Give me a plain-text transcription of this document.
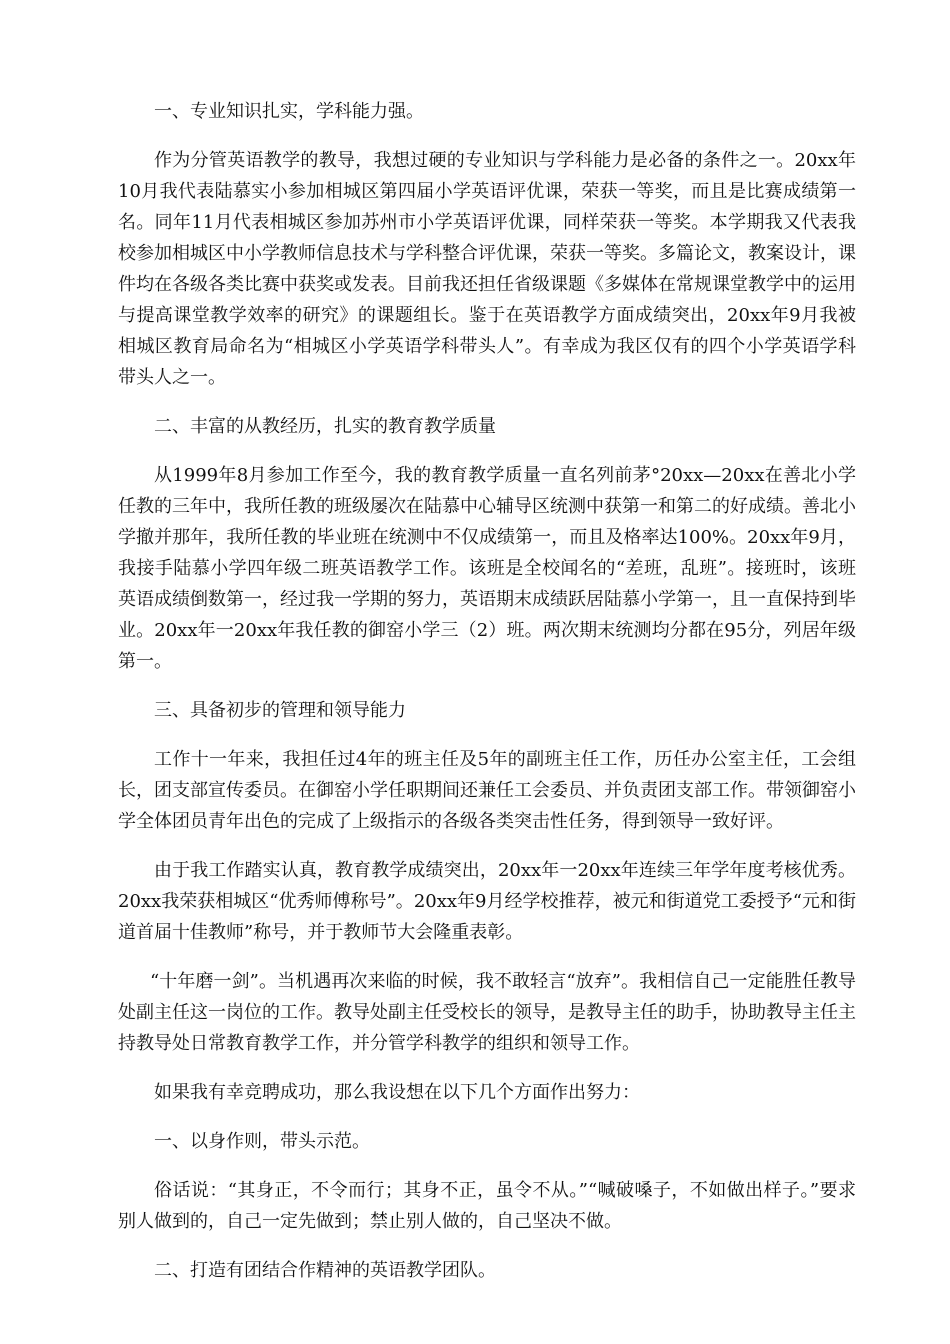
一、专业知识扎实，学科能力强。

作为分管英语教学的教导，我想过硬的专业知识与学科能力是必备的条件之一。20xx年10月我代表陆慕实小参加相城区第四届小学英语评优课，荣获一等奖，而且是比赛成绩第一名。同年11月代表相城区参加苏州市小学英语评优课，同样荣获一等奖。本学期我又代表我校参加相城区中小学教师信息技术与学科整合评优课，荣获一等奖。多篇论文，教案设计，课件均在各级各类比赛中获奖或发表。目前我还担任省级课题《多媒体在常规课堂教学中的运用与提高课堂教学效率的研究》的课题组长。鉴于在英语教学方面成绩突出，20xx年9月我被相城区教育局命名为“相城区小学英语学科带头人”。有幸成为我区仅有的四个小学英语学科带头人之一。

二、丰富的从教经历，扎实的教育教学质量

从1999年8月参加工作至今，我的教育教学质量一直名列前茅°20xx—20xx在善北小学任教的三年中，我所任教的班级屡次在陆慕中心辅导区统测中获第一和第二的好成绩。善北小学撤并那年，我所任教的毕业班在统测中不仅成绩第一，而且及格率达100%。20xx年9月，我接手陆慕小学四年级二班英语教学工作。该班是全校闻名的“差班，乱班”。接班时，该班英语成绩倒数第一，经过我一学期的努力，英语期末成绩跃居陆慕小学第一，且一直保持到毕业。20xx年一20xx年我任教的御窑小学三（2）班。两次期末统测均分都在95分，列居年级第一。

三、具备初步的管理和领导能力

工作十一年来，我担任过4年的班主任及5年的副班主任工作，历任办公室主任，工会组长，团支部宣传委员。在御窑小学任职期间还兼任工会委员、并负责团支部工作。带领御窑小学全体团员青年出色的完成了上级指示的各级各类突击性任务，得到领导一致好评。

由于我工作踏实认真，教育教学成绩突出，20xx年一20xx年连续三年学年度考核优秀。20xx我荣获相城区“优秀师傅称号”。20xx年9月经学校推荐，被元和街道党工委授予“元和街道首届十佳教师”称号，并于教师节大会隆重表彰。

“十年磨一剑”。当机遇再次来临的时候，我不敢轻言“放弃”。我相信自己一定能胜任教导处副主任这一岗位的工作。教导处副主任受校长的领导，是教导主任的助手，协助教导主任主持教导处日常教育教学工作，并分管学科教学的组织和领导工作。

如果我有幸竞聘成功，那么我设想在以下几个方面作出努力：

一、以身作则，带头示范。

俗话说：“其身正，不令而行；其身不正，虽令不从。”“喊破嗓子，不如做出样子。”要求别人做到的，自己一定先做到；禁止别人做的，自己坚决不做。

二、打造有团结合作精神的英语教学团队。
